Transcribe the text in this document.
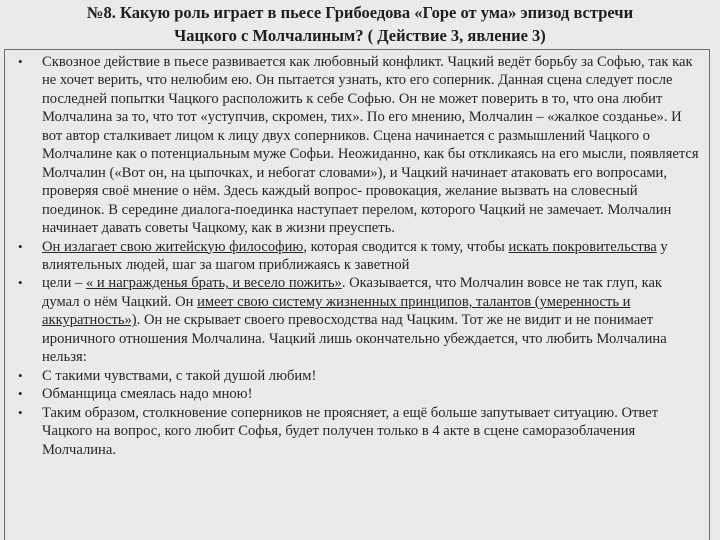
№8. Какую роль играет в пьесе Грибоедова «Горе от ума» эпизод встречи
Чацкого с Молчалиным? ( Действие 3, явление 3)
• Сквозное действие в пьесе развивается как любовный конфликт. Чацкий ведёт борьбу за Софью, так как не хочет верить, что нелюбим ею. Он пытается узнать, кто его соперник. Данная сцена следует после последней попытки Чацкого расположить к себе Софью. Он не может поверить в то, что она любит Молчалина за то, что тот «уступчив, скромен, тих». По его мнению, Молчалин – «жалкое созданье». И вот автор сталкивает лицом к лицу двух соперников. Сцена начинается с размышлений Чацкого о Молчалине как о потенциальным муже Софьи. Неожиданно, как бы откликаясь на его мысли, появляется Молчалин («Вот он, на цыпочках, и небогат словами»), и Чацкий начинает атаковать его вопросами, проверяя своё мнение о нём. Здесь каждый вопрос- провокация, желание вызвать на словесный поединок. В середине диалога-поединка наступает перелом, которого Чацкий не замечает. Молчалин начинает давать советы Чацкому, как в жизни преуспеть.
• Он излагает свою житейскую философию, которая сводится к тому, чтобы искать покровительства у влиятельных людей, шаг за шагом приближаясь к заветной
• цели – « и награжденья брать, и весело пожить». Оказывается, что Молчалин вовсе не так глуп, как думал о нём Чацкий. Он имеет свою систему жизненных принципов, талантов (умеренность и аккуратность»). Он не скрывает своего превосходства над Чацким. Тот же не видит и не понимает ироничного отношения Молчалина. Чацкий лишь окончательно убеждается, что любить Молчалина нельзя:
• С такими чувствами, с такой душой любим!
• Обманщица смеялась надо мною!
• Таким образом, столкновение соперников не проясняет, а ещё больше запутывает ситуацию. Ответ Чацкого на вопрос, кого любит Софья, будет получен только в 4 акте в сцене саморазоблачения Молчалина.
